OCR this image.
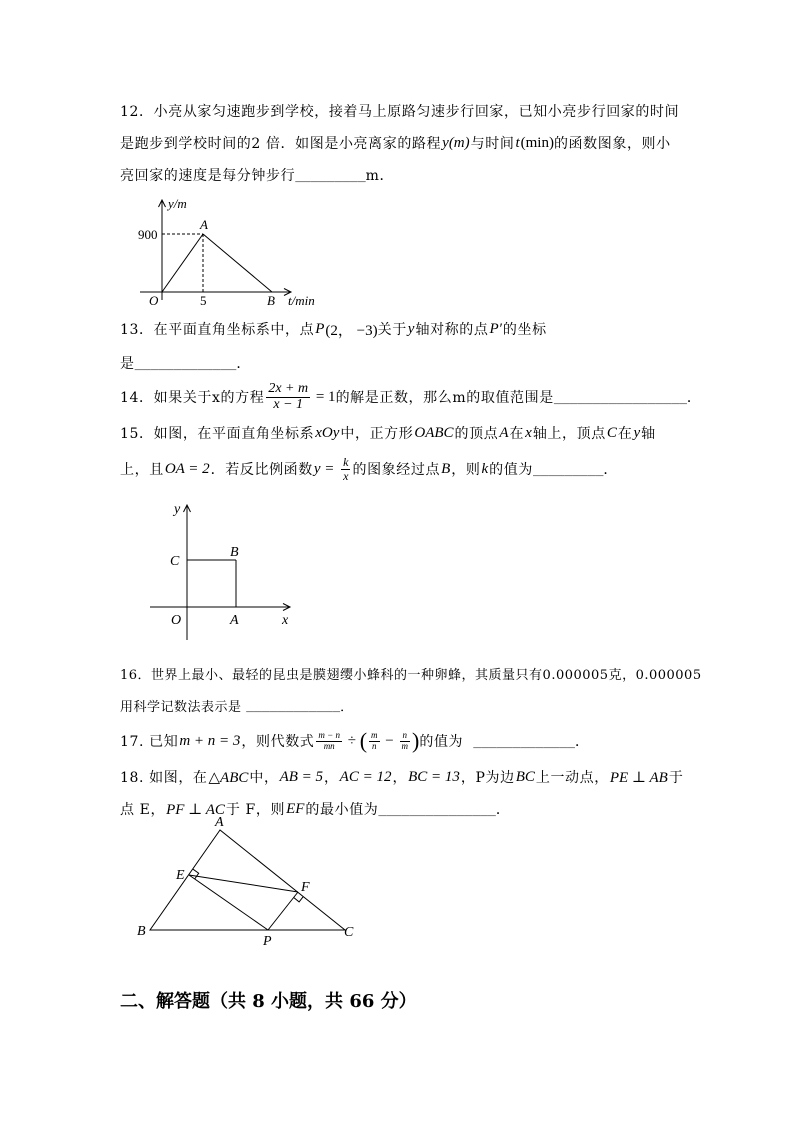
12．小亮从家匀速跑步到学校，接着马上原路匀速步行回家，已知小亮步行回家的时间
是跑步到学校时间的2 倍．如图是小亮离家的路程 y(m) 与时间 t (min) 的函数图象，则小
亮回家的速度是每分钟步行 _________ m．
y/m
900
A
O	5	B t/min
13．在平面直角坐标系中，点 P (2， −3) 关于 y 轴对称的点 P′ 的坐标
是 _____________ ．
14．如果关于x的方程 $\frac{2x + m}{x - 1} = 1$ 的解是正数，那么m的取值范围是 _________________ ．
15．如图，在平面直角坐标系 xOy 中，正方形 OABC 的顶点 A 在 x 轴上，顶点 C 在 y 轴
上，且 OA = 2 ．若反比例函数 $y = \frac{k}{x}$ 的图象经过点 B ，则 k 的值为 _________ ．
y
C
B
O	A	x
16．世界上最小、最轻的昆虫是膜翅缨小蜂科的一种卵蜂，其质量只有0.000005克，0.000005
用科学记数法表示是 ____________ ．
17. 已知 m + n = 3 ，则代数式 $\frac{m - n}{mn}$ ÷ ( $\frac{m}{n} - \frac{n}{m}$ ) 的值为 _____________ ．
18. 如图，在 △ABC 中， AB = 5 ， AC = 12 ， BC = 13 ，P为边 BC 上一动点， PE ⊥ AB 于
点 E， PF ⊥ AC 于 F，则 EF 的最小值为 _______________ ．
A
E
F
B
P
C
二、解答题（共 8 小题，共 66 分）
